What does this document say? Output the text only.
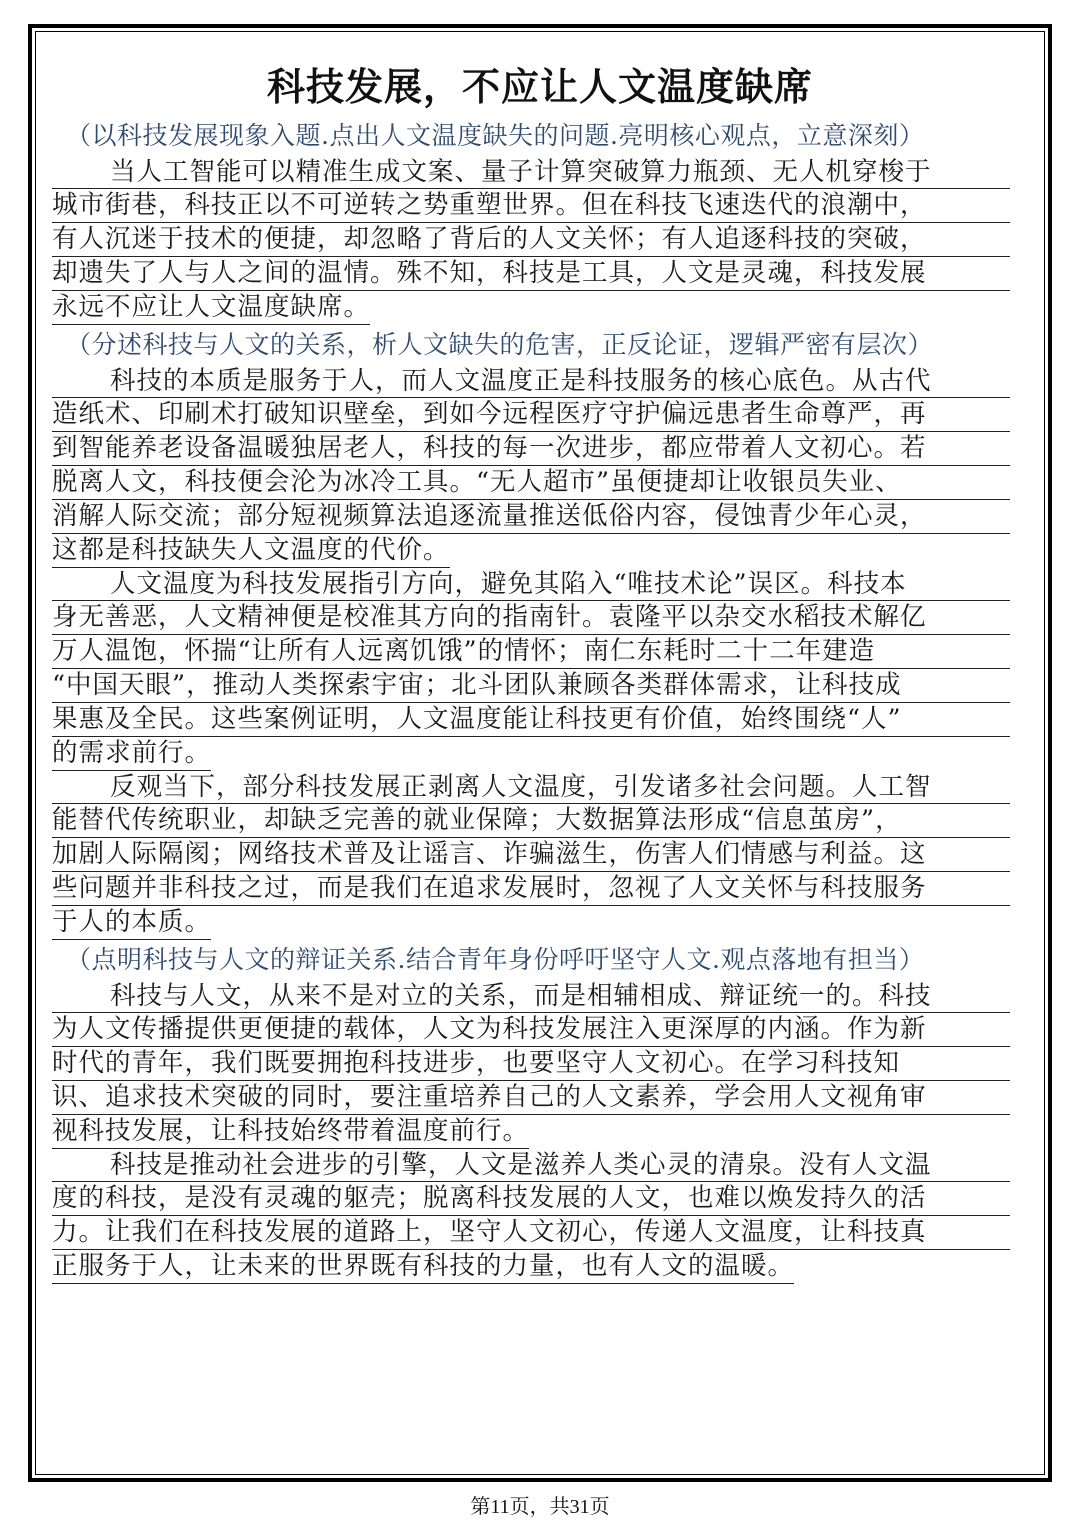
科技发展，不应让人文温度缺席
（以科技发展现象入题.点出人文温度缺失的问题.亮明核心观点，立意深刻）
当人工智能可以精准生成文案、量子计算突破算力瓶颈、无人机穿梭于
城市街巷，科技正以不可逆转之势重塑世界。但在科技飞速迭代的浪潮中，
有人沉迷于技术的便捷，却忽略了背后的人文关怀；有人追逐科技的突破，
却遗失了人与人之间的温情。殊不知，科技是工具，人文是灵魂，科技发展
永远不应让人文温度缺席。
（分述科技与人文的关系，析人文缺失的危害，正反论证，逻辑严密有层次）
科技的本质是服务于人，而人文温度正是科技服务的核心底色。从古代
造纸术、印刷术打破知识壁垒，到如今远程医疗守护偏远患者生命尊严，再
到智能养老设备温暖独居老人，科技的每一次进步，都应带着人文初心。若
脱离人文，科技便会沦为冰冷工具。“无人超市”虽便捷却让收银员失业、
消解人际交流；部分短视频算法追逐流量推送低俗内容，侵蚀青少年心灵，
这都是科技缺失人文温度的代价。
人文温度为科技发展指引方向，避免其陷入“唯技术论”误区。科技本
身无善恶，人文精神便是校准其方向的指南针。袁隆平以杂交水稻技术解亿
万人温饱，怀揣“让所有人远离饥饿”的情怀；南仁东耗时二十二年建造
“中国天眼”，推动人类探索宇宙；北斗团队兼顾各类群体需求，让科技成
果惠及全民。这些案例证明，人文温度能让科技更有价值，始终围绕“人”
的需求前行。
反观当下，部分科技发展正剥离人文温度，引发诸多社会问题。人工智
能替代传统职业，却缺乏完善的就业保障；大数据算法形成“信息茧房”，
加剧人际隔阂；网络技术普及让谣言、诈骗滋生，伤害人们情感与利益。这
些问题并非科技之过，而是我们在追求发展时，忽视了人文关怀与科技服务
于人的本质。
（点明科技与人文的辩证关系.结合青年身份呼吁坚守人文.观点落地有担当）
科技与人文，从来不是对立的关系，而是相辅相成、辩证统一的。科技
为人文传播提供更便捷的载体，人文为科技发展注入更深厚的内涵。作为新
时代的青年，我们既要拥抱科技进步，也要坚守人文初心。在学习科技知
识、追求技术突破的同时，要注重培养自己的人文素养，学会用人文视角审
视科技发展，让科技始终带着温度前行。
科技是推动社会进步的引擎，人文是滋养人类心灵的清泉。没有人文温
度的科技，是没有灵魂的躯壳；脱离科技发展的人文，也难以焕发持久的活
力。让我们在科技发展的道路上，坚守人文初心，传递人文温度，让科技真
正服务于人，让未来的世界既有科技的力量，也有人文的温暖。
第11页，共31页
